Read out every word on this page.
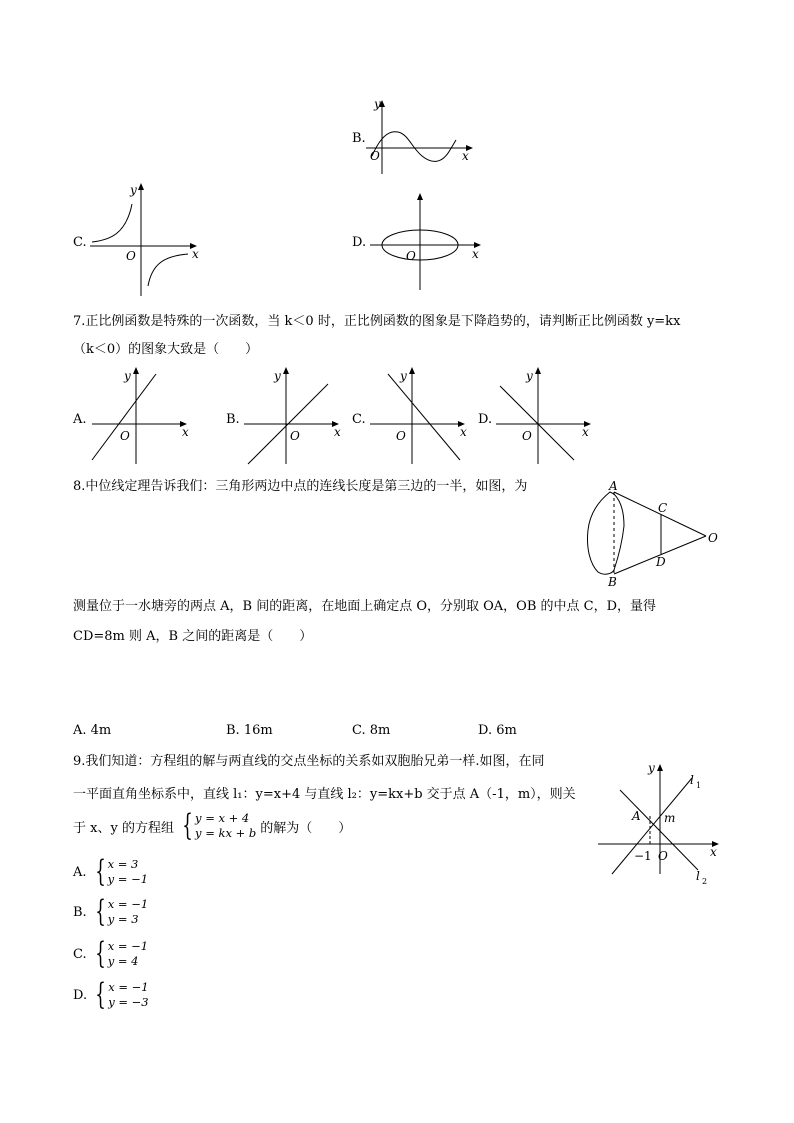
B.
y
x
O
C.
y
x
O
D.
x
O
7.正比例函数是特殊的一次函数，当 k＜0 时，正比例函数的图象是下降趋势的，请判断正比例函数 y=kx
（k＜0）的图象大致是（　　）
A.
y
x
O
B.
y
x
O
C.
y
x
O
D.
y
x
O
8.中位线定理告诉我们：三角形两边中点的连线长度是第三边的一半，如图，为	A
B
C
D
O
测量位于一水塘旁的两点 A，B 间的距离，在地面上确定点 O，分别取 OA，OB 的中点 C，D，量得
CD=8m 则 A，B 之间的距离是（　　）
A. 4m	B. 16m	C. 8m	D. 6m
9.我们知道：方程组的解与两直线的交点坐标的关系如双胞胎兄弟一样.如图，在同
一平面直角坐标系中，直线 l₁：y=x+4 与直线 l₂：y=kx+b 交于点 A（-1，m），则关
于 x、y 的方程组 { y = x + 4
y = kx + b 的解为（　　）
y
x
l 1
l 2
A m
−1 O
A. { x = 3
y = −1
B. { x = −1
y = 3
C. { x = −1
y = 4
D. { x = −1
y = −3
